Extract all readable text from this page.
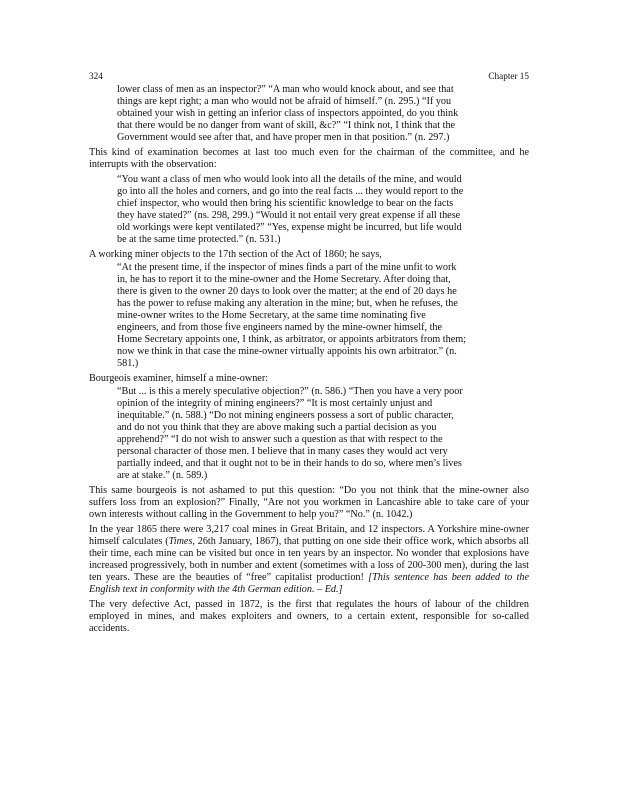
324	Chapter 15
lower class of men as an inspector?” “A man who would knock about, and see that things are kept right; a man who would not be afraid of himself.” (n. 295.) “If you obtained your wish in getting an inferior class of inspectors appointed, do you think that there would be no danger from want of skill, &c?” “I think not, I think that the Government would see after that, and have proper men in that position.” (n. 297.)
This kind of examination becomes at last too much even for the chairman of the committee, and he interrupts with the observation:
“You want a class of men who would look into all the details of the mine, and would go into all the holes and corners, and go into the real facts ... they would report to the chief inspector, who would then bring his scientific knowledge to bear on the facts they have stated?” (ns. 298, 299.) “Would it not entail very great expense if all these old workings were kept ventilated?” “Yes, expense might be incurred, but life would be at the same time protected.” (n. 531.)
A working miner objects to the 17th section of the Act of 1860; he says,
“At the present time, if the inspector of mines finds a part of the mine unfit to work in, he has to report it to the mine-owner and the Home Secretary. After doing that, there is given to the owner 20 days to look over the matter; at the end of 20 days he has the power to refuse making any alteration in the mine; but, when he refuses, the mine-owner writes to the Home Secretary, at the same time nominating five engineers, and from those five engineers named by the mine-owner himself, the Home Secretary appoints one, I think, as arbitrator, or appoints arbitrators from them; now we think in that case the mine-owner virtually appoints his own arbitrator.” (n. 581.)
Bourgeois examiner, himself a mine-owner:
“But ... is this a merely speculative objection?” (n. 586.) “Then you have a very poor opinion of the integrity of mining engineers?” “It is most certainly unjust and inequitable.” (n. 588.) “Do not mining engineers possess a sort of public character, and do not you think that they are above making such a partial decision as you apprehend?” “I do not wish to answer such a question as that with respect to the personal character of those men. I believe that in many cases they would act very partially indeed, and that it ought not to be in their hands to do so, where men’s lives are at stake.” (n. 589.)
This same bourgeois is not ashamed to put this question: “Do you not think that the mine-owner also suffers loss from an explosion?” Finally, “Are not you workmen in Lancashire able to take care of your own interests without calling in the Government to help you?” “No.” (n. 1042.)
In the year 1865 there were 3,217 coal mines in Great Britain, and 12 inspectors. A Yorkshire mine-owner himself calculates (Times, 26th January, 1867), that putting on one side their office work, which absorbs all their time, each mine can be visited but once in ten years by an inspector. No wonder that explosions have increased progressively, both in number and extent (sometimes with a loss of 200-300 men), during the last ten years. These are the beauties of “free” capitalist production! [This sentence has been added to the English text in conformity with the 4th German edition. – Ed.]
The very defective Act, passed in 1872, is the first that regulates the hours of labour of the children employed in mines, and makes exploiters and owners, to a certain extent, responsible for so-called accidents.
